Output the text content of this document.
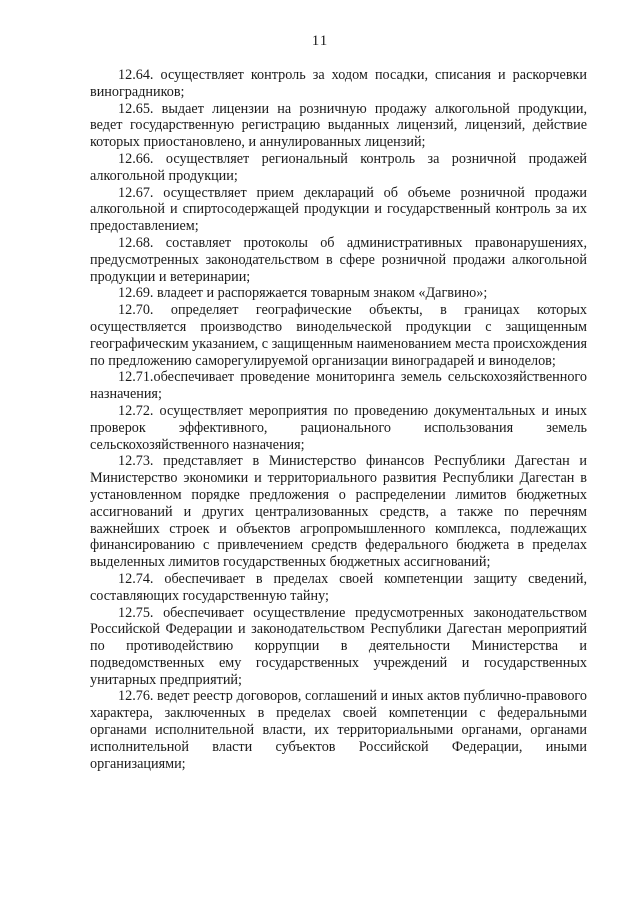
11

12.64. осуществляет контроль за ходом посадки, списания и раскорчевки виноградников;

12.65. выдает лицензии на розничную продажу алкогольной продукции, ведет государственную регистрацию выданных лицензий, лицензий, действие которых приостановлено, и аннулированных лицензий;

12.66. осуществляет региональный контроль за розничной продажей алкогольной продукции;

12.67. осуществляет прием деклараций об объеме розничной продажи алкогольной и спиртосодержащей продукции и государственный контроль за их предоставлением;

12.68. составляет протоколы об административных правонарушениях, предусмотренных законодательством в сфере розничной продажи алкогольной продукции и ветеринарии;

12.69. владеет и распоряжается товарным знаком «Дагвино»;

12.70. определяет географические объекты, в границах которых осуществляется производство винодельческой продукции с защищенным географическим указанием, с защищенным наименованием места происхождения по предложению саморегулируемой организации виноградарей и виноделов;

12.71.обеспечивает проведение мониторинга земель сельскохозяйственного назначения;

12.72. осуществляет мероприятия по проведению документальных и иных проверок эффективного, рационального использования земель сельскохозяйственного назначения;

12.73. представляет в Министерство финансов Республики Дагестан и Министерство экономики и территориального развития Республики Дагестан в установленном порядке предложения о распределении лимитов бюджетных ассигнований и других централизованных средств, а также по перечням важнейших строек и объектов агропромышленного комплекса, подлежащих финансированию с привлечением средств федерального бюджета в пределах выделенных лимитов государственных бюджетных ассигнований;

12.74. обеспечивает в пределах своей компетенции защиту сведений, составляющих государственную тайну;

12.75. обеспечивает осуществление предусмотренных законодательством Российской Федерации и законодательством Республики Дагестан мероприятий по противодействию коррупции в деятельности Министерства и подведомственных ему государственных учреждений и государственных унитарных предприятий;

12.76. ведет реестр договоров, соглашений и иных актов публично-правового характера, заключенных в пределах своей компетенции с федеральными органами исполнительной власти, их территориальными органами, органами исполнительной власти субъектов Российской Федерации, иными организациями;
